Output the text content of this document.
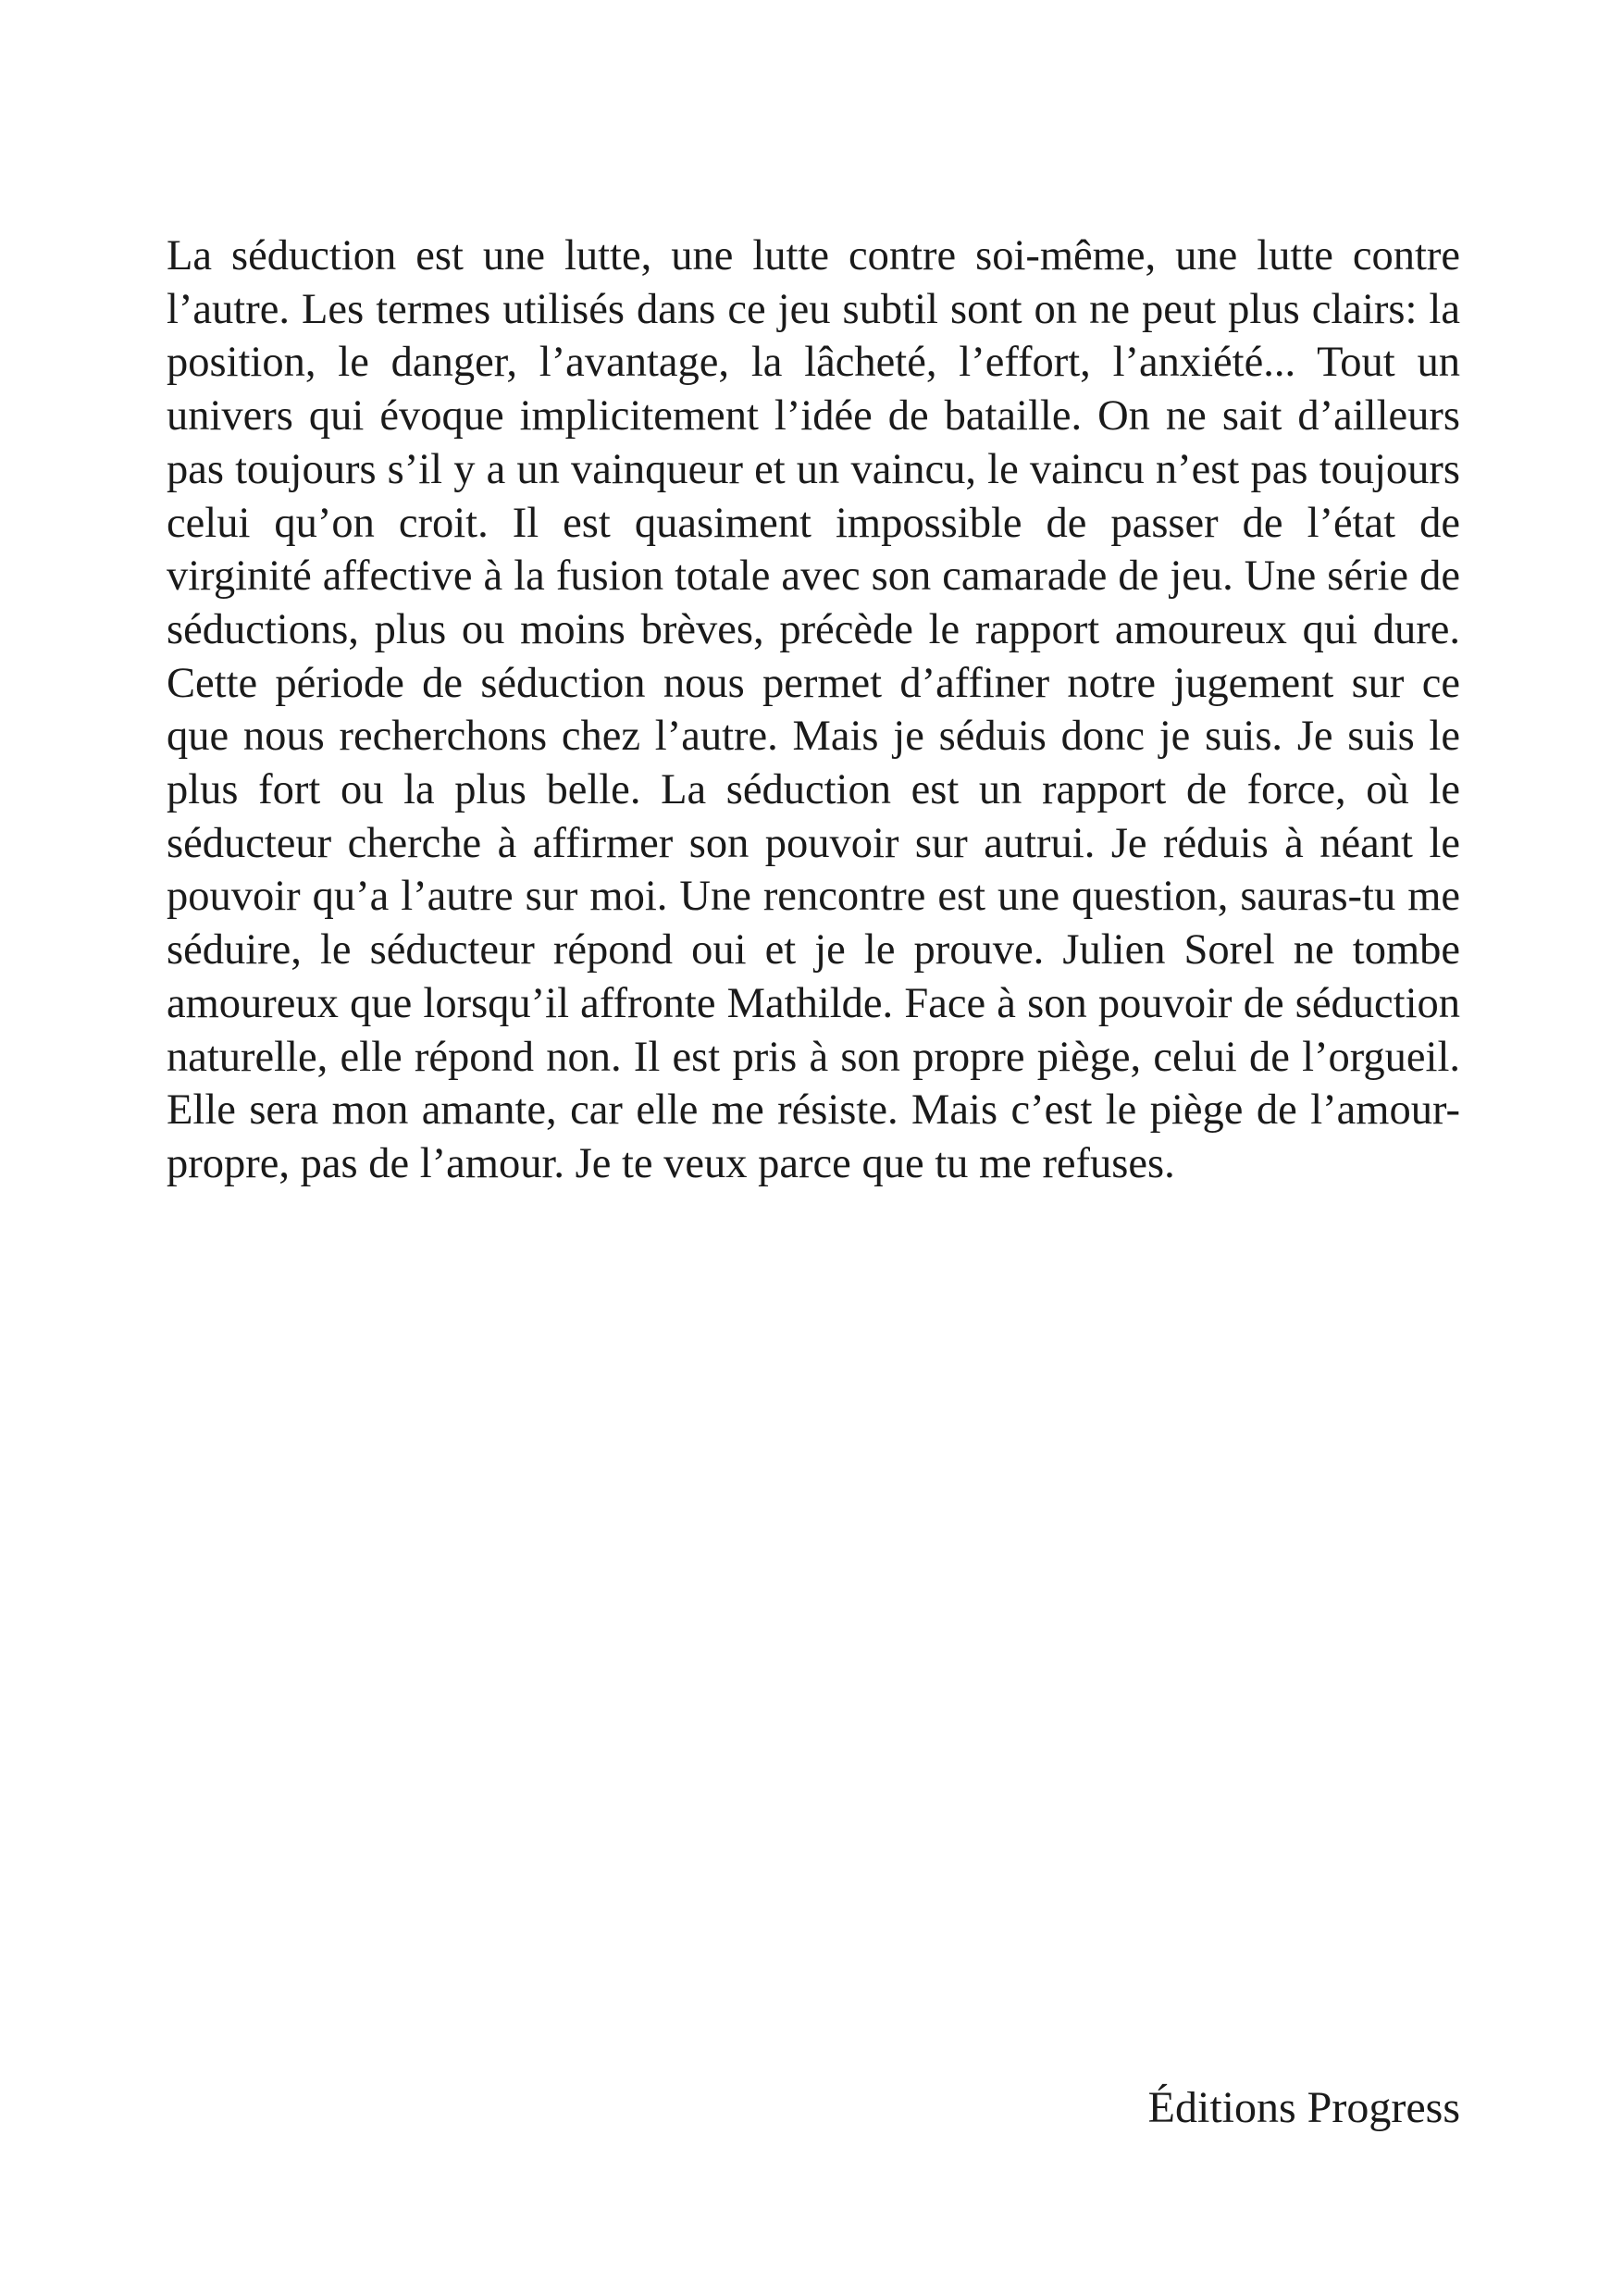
La séduction est une lutte, une lutte contre soi-même, une lutte contre l’autre. Les termes utilisés dans ce jeu subtil sont on ne peut plus clairs: la position, le danger, l’avantage, la lâcheté, l’effort, l’anxiété... Tout un univers qui évoque implicitement l’idée de bataille. On ne sait d’ailleurs pas toujours s’il y a un vainqueur et un vaincu, le vaincu n’est pas toujours celui qu’on croit. Il est quasiment impossible de passer de l’état de virginité affective à la fusion totale avec son camarade de jeu. Une série de séductions, plus ou moins brèves, précède le rapport amoureux qui dure. Cette période de séduction nous permet d’affiner notre jugement sur ce que nous recherchons chez l’autre. Mais je séduis donc je suis. Je suis le plus fort ou la plus belle. La séduction est un rapport de force, où le séducteur cherche à affirmer son pouvoir sur autrui. Je réduis à néant le pouvoir qu’a l’autre sur moi. Une rencontre est une question, sauras-tu me séduire, le séducteur répond oui et je le prouve. Julien Sorel ne tombe amoureux que lorsqu’il affronte Mathilde. Face à son pouvoir de séduction naturelle, elle répond non. Il est pris à son propre piège, celui de l’orgueil. Elle sera mon amante, car elle me résiste. Mais c’est le piège de l’amour- propre, pas de l’amour. Je te veux parce que tu me refuses.

Éditions Progress
